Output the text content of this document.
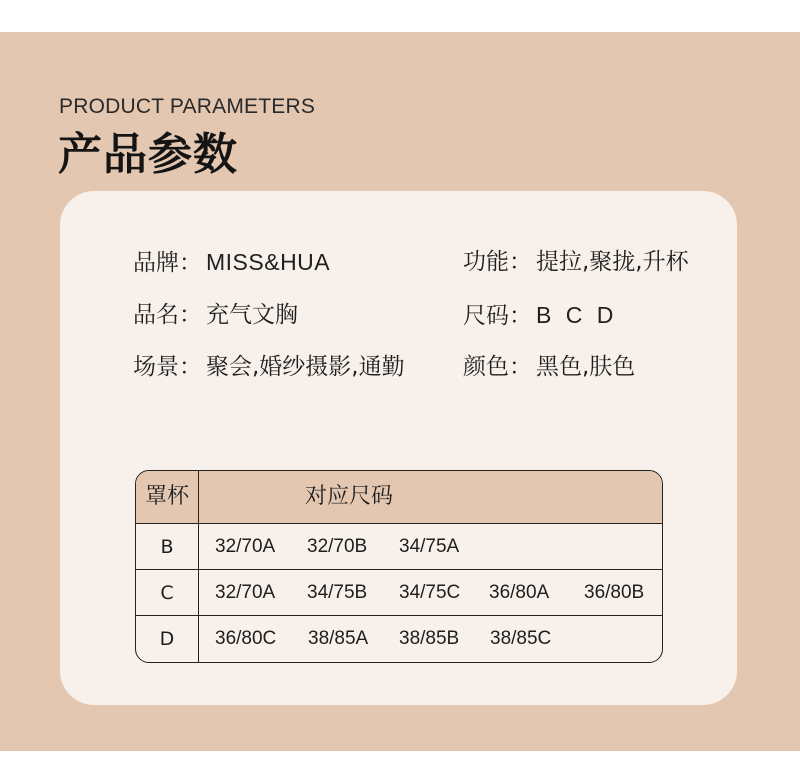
PRODUCT PARAMETERS
产品参数
品牌： MISS&HUA
品名： 充气文胸
场景： 聚会,婚纱摄影,通勤
功能： 提拉,聚拢,升杯
尺码： B C D
颜色： 黑色,肤色
罩杯	对应尺码
B	32/70A 32/70B 34/75A
C	32/70A 34/75B 34/75C 36/80A 36/80B
D	36/80C 38/85A 38/85B 38/85C
